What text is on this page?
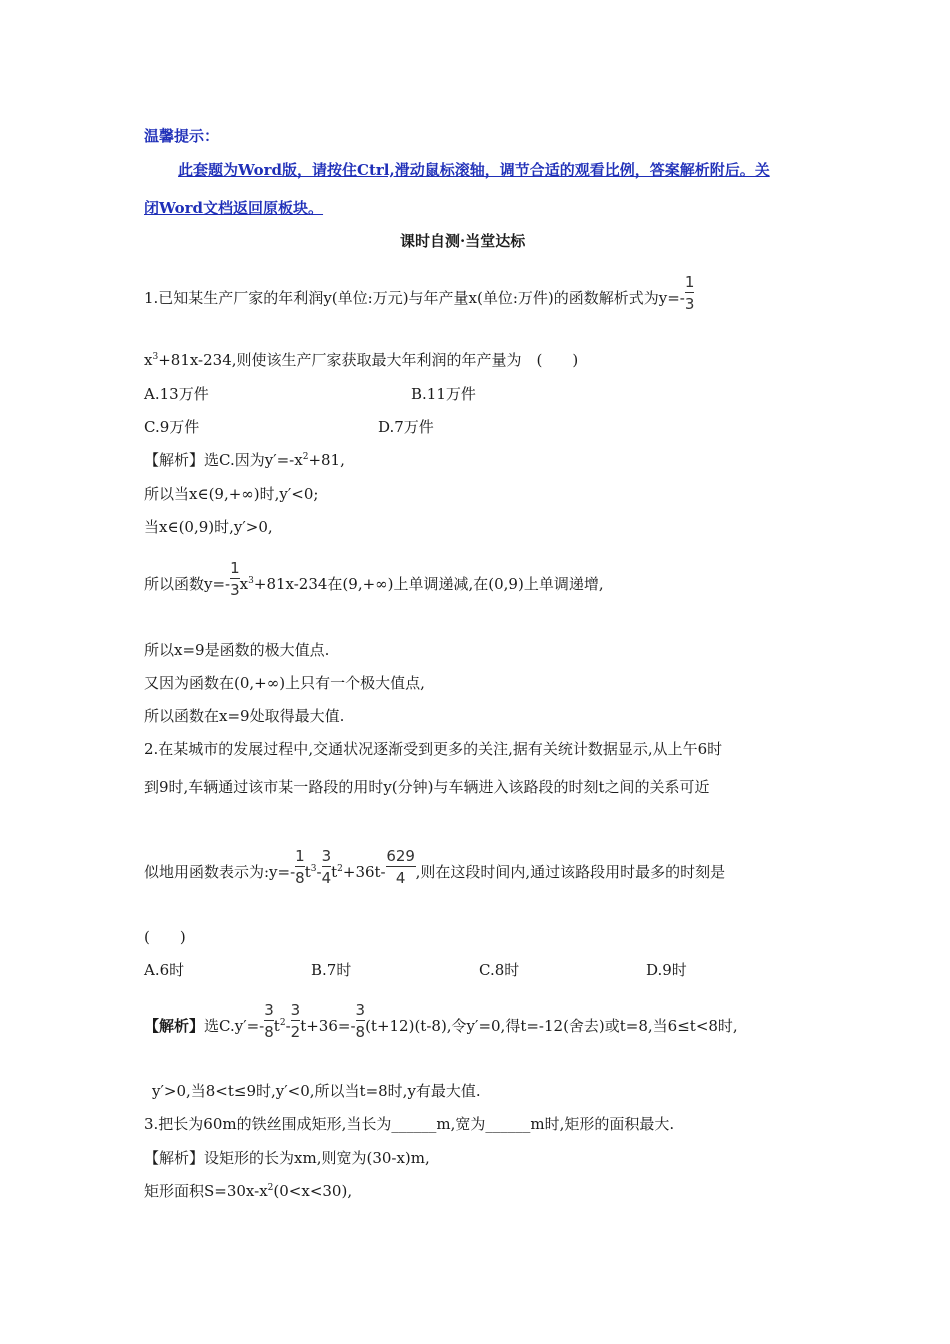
温馨提示：
此套题为Word版，请按住Ctrl,滑动鼠标滚轴，调节合适的观看比例，答案解析附后。关
闭Word文档返回原板块。
课时自测·当堂达标
1.已知某生产厂家的年利润y(单位:万元)与年产量x(单位:万件)的函数解析式为$y=- \frac{1}{3}$
$x^3+81x-234$,则使该生产厂家获取最大年利润的年产量为　(　　)
A.13万件	B.11万件
C.9万件	D.7万件
【解析】选C.因为$y'=-x^2+81$,
所以当x∈(9,+∞)时,y′<0;
当x∈(0,9)时,y′>0,
所以函数$y=- \frac{1}{3} x^3+81x-234$在(9,+∞)上单调递减,在(0,9)上单调递增,
所以x=9是函数的极大值点.
又因为函数在(0,+∞)上只有一个极大值点,
所以函数在x=9处取得最大值.
2.在某城市的发展过程中,交通状况逐渐受到更多的关注,据有关统计数据显示,从上午6时
到9时,车辆通过该市某一路段的用时y(分钟)与车辆进入该路段的时刻t之间的关系可近
似地用函数表示为:y=- $\frac{1}{8} t^3- \frac{3}{4} t^2+36t- \frac{629}{4}$ ,则在这段时间内,通过该路段用时最多的时刻是
(　　)
A.6时	B.7时	C.8时	D.9时
【解析】选$C.y'=- \frac{3}{8} t^2- \frac{3}{2} t+36=- \frac{3}{8} (t+12)(t-8)$,令y′=0,得t=-12(舍去)或t=8,当6≤t<8时,
y′>0,当8<t≤9时,y′<0,所以当t=8时,y有最大值.
3.把长为60m的铁丝围成矩形,当长为______m,宽为______m时,矩形的面积最大.
【解析】设矩形的长为xm,则宽为(30-x)m,
矩形面积$S=30x-x^2(0<x<30)$,
